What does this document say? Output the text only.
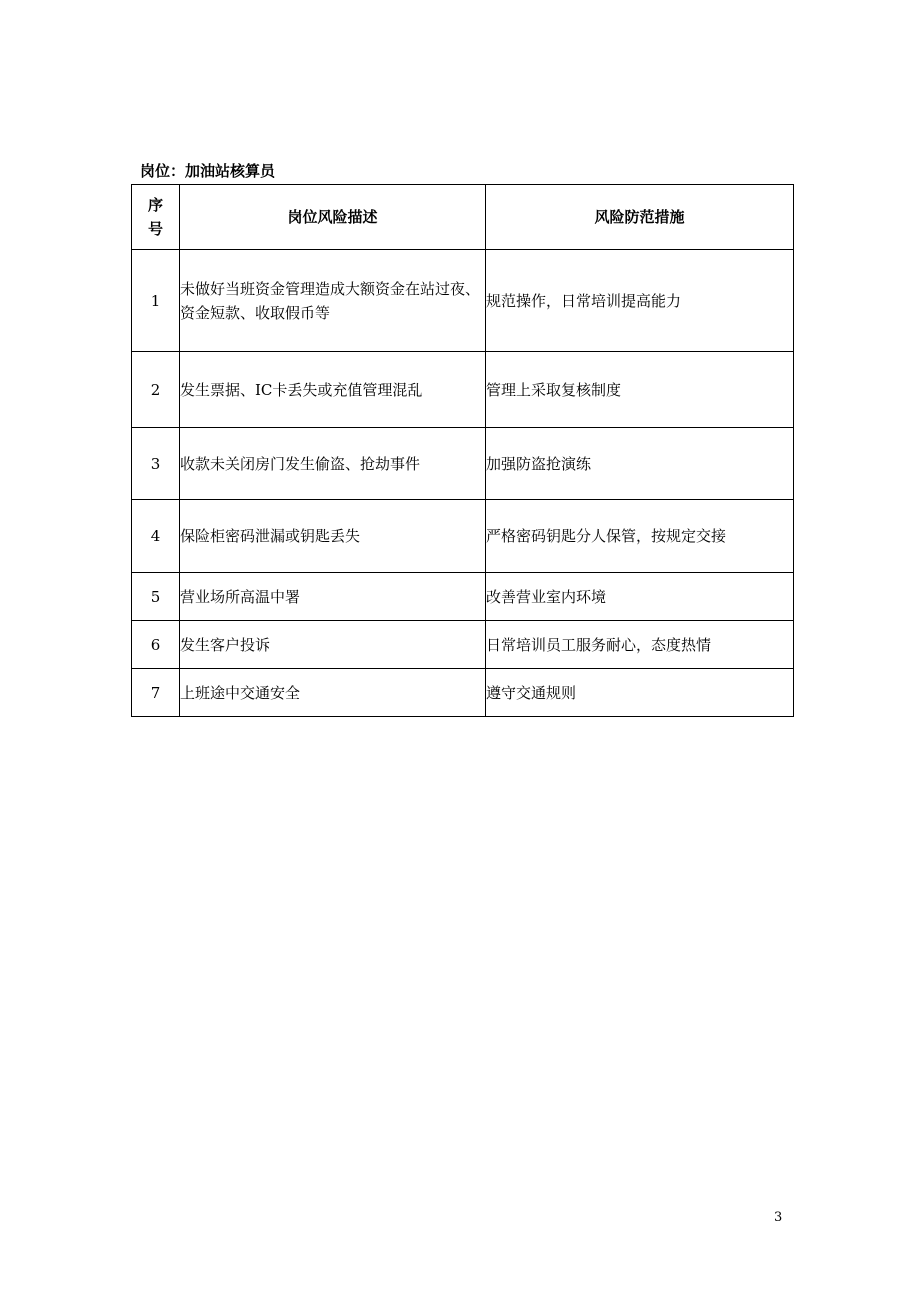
岗位：加油站核算员
序
号	岗位风险描述	风险防范措施
1	未做好当班资金管理造成大额资金在站过夜、资金短款、收取假币等	规范操作，日常培训提高能力
2	发生票据、IC卡丢失或充值管理混乱	管理上采取复核制度
3	收款未关闭房门发生偷盗、抢劫事件	加强防盗抢演练
4	保险柜密码泄漏或钥匙丢失	严格密码钥匙分人保管，按规定交接
5	营业场所高温中署	改善营业室内环境
6	发生客户投诉	日常培训员工服务耐心，态度热情
7	上班途中交通安全	遵守交通规则
3
